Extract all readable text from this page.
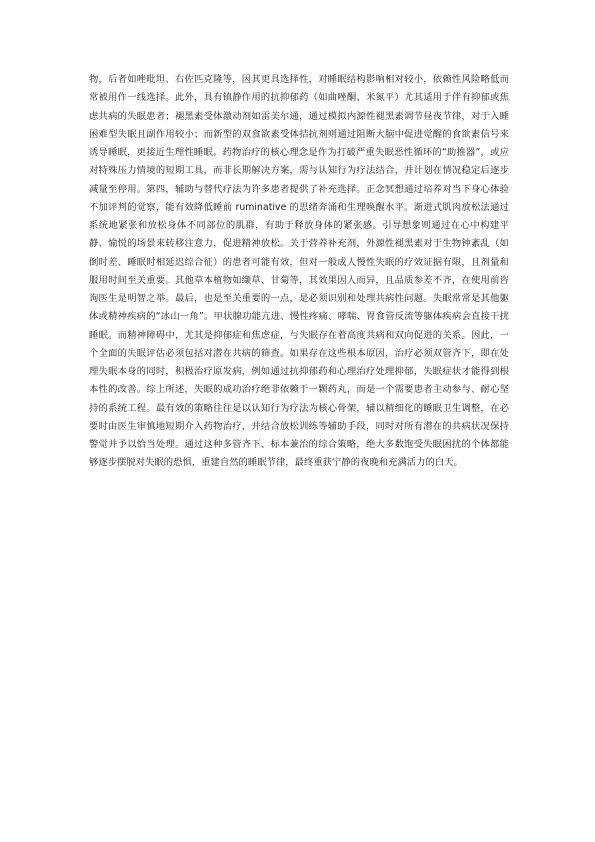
物，后者如唑吡坦、右佐匹克隆等，因其更具选择性，对睡眠结构影响相对较小，依赖性风险略低而常被用作一线选择。此外，具有镇静作用的抗抑郁药（如曲唑酮、米氮平）尤其适用于伴有抑郁或焦虑共病的失眠患者；褪黑素受体激动剂如雷美尔通，通过模拟内源性褪黑素调节昼夜节律，对于入睡困难型失眠且副作用较小；而新型的双食欲素受体拮抗剂则通过阻断大脑中促进觉醒的食欲素信号来诱导睡眠，更接近生理性睡眠。药物治疗的核心理念是作为打破严重失眠恶性循环的“助推器”，或应对特殊压力情境的短期工具，而非长期解决方案，需与认知行为疗法结合，并计划在情况稳定后逐步减量至停用。第四，辅助与替代疗法为许多患者提供了补充选择。正念冥想通过培养对当下身心体验不加评判的觉察，能有效降低睡前 ruminative 的思绪奔涌和生理唤醒水平。渐进式肌肉放松法通过系统地紧张和放松身体不同部位的肌群，有助于释放身体的紧张感。引导想象则通过在心中构建平静、愉悦的场景来转移注意力，促进精神放松。关于营养补充剂，外源性褪黑素对于生物钟紊乱（如倒时差、睡眠时相延迟综合征）的患者可能有效，但对一般成人慢性失眠的疗效证据有限，且剂量和服用时间至关重要。其他草本植物如缬草、甘菊等，其效果因人而异，且品质参差不齐，在使用前咨询医生是明智之举。最后，也是至关重要的一点，是必须识别和处理共病性问题。失眠常常是其他躯体或精神疾病的“冰山一角”。甲状腺功能亢进、慢性疼痛、哮喘、胃食管反流等躯体疾病会直接干扰睡眠。而精神障碍中，尤其是抑郁症和焦虑症，与失眠存在着高度共病和双向促进的关系。因此，一个全面的失眠评估必须包括对潜在共病的筛查。如果存在这些根本原因，治疗必须双管齐下，即在处理失眠本身的同时，积极治疗原发病，例如通过抗抑郁药和心理治疗处理抑郁，失眠症状才能得到根本性的改善。综上所述，失眠的成功治疗绝非依赖于一颗药丸，而是一个需要患者主动参与、耐心坚持的系统工程。最有效的策略往往是以认知行为疗法为核心骨架，辅以精细化的睡眠卫生调整，在必要时由医生审慎地短期介入药物治疗，并结合放松训练等辅助手段，同时对所有潜在的共病状况保持警觉并予以恰当处理。通过这种多管齐下、标本兼治的综合策略，绝大多数饱受失眠困扰的个体都能够逐步摆脱对失眠的恐惧，重建自然的睡眠节律，最终重获宁静的夜晚和充满活力的白天。
